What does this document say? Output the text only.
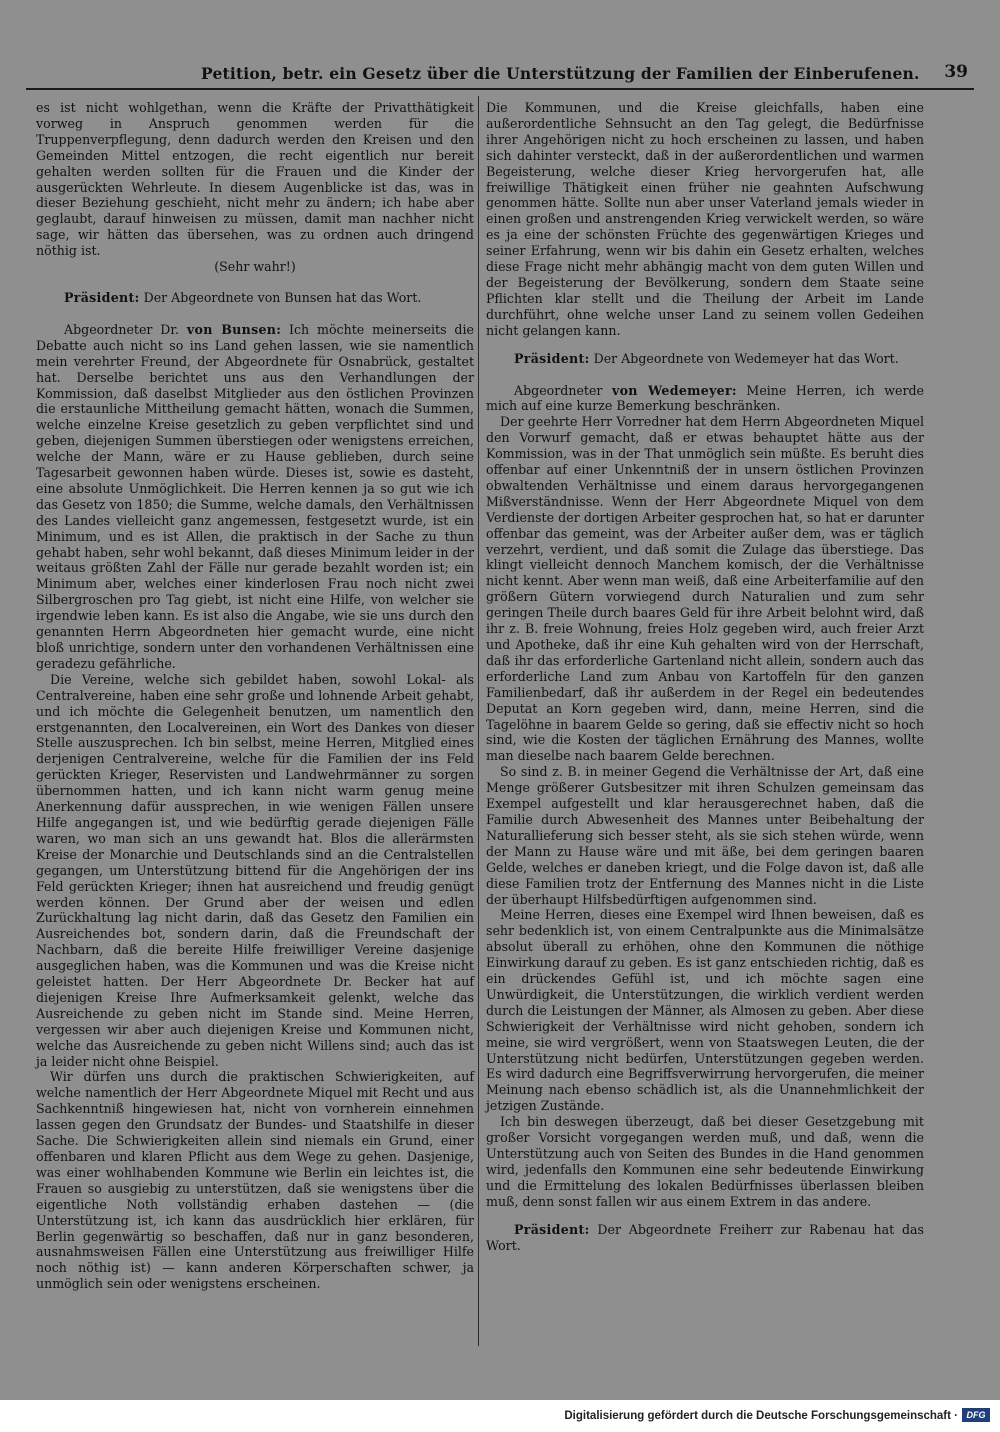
Petition, betr. ein Gesetz über die Unterstützung der Familien der Einberufenen. 39

es ist nicht wohlgethan, wenn die Kräfte der Privatthätigkeit vorweg in Anspruch genommen werden für die Truppenverpflegung, denn dadurch werden den Kreisen und den Gemeinden Mittel entzogen, die recht eigentlich nur bereit gehalten werden sollten für die Frauen und die Kinder der ausgerückten Wehrleute. In diesem Augenblicke ist das, was in dieser Beziehung geschieht, nicht mehr zu ändern; ich habe aber geglaubt, darauf hinweisen zu müssen, damit man nachher nicht sage, wir hätten das übersehen, was zu ordnen auch dringend nöthig ist.

(Sehr wahr!)

Präsident: Der Abgeordnete von Bunsen hat das Wort.

Abgeordneter Dr. von Bunsen: Ich möchte meinerseits die Debatte auch nicht so ins Land gehen lassen, wie sie namentlich mein verehrter Freund, der Abgeordnete für Osnabrück, gestaltet hat. Derselbe berichtet uns aus den Verhandlungen der Kommission, daß daselbst Mitglieder aus den östlichen Provinzen die erstaunliche Mittheilung gemacht hätten, wonach die Summen, welche einzelne Kreise gesetzlich zu geben verpflichtet sind und geben, diejenigen Summen überstiegen oder wenigstens erreichen, welche der Mann, wäre er zu Hause geblieben, durch seine Tagesarbeit gewonnen haben würde. Dieses ist, sowie es dasteht, eine absolute Unmöglichkeit. Die Herren kennen ja so gut wie ich das Gesetz von 1850; die Summe, welche damals, den Verhältnissen des Landes vielleicht ganz angemessen, festgesetzt wurde, ist ein Minimum, und es ist Allen, die praktisch in der Sache zu thun gehabt haben, sehr wohl bekannt, daß dieses Minimum leider in der weitaus größten Zahl der Fälle nur gerade bezahlt worden ist; ein Minimum aber, welches einer kinderlosen Frau noch nicht zwei Silbergroschen pro Tag giebt, ist nicht eine Hilfe, von welcher sie irgendwie leben kann. Es ist also die Angabe, wie sie uns durch den genannten Herrn Abgeordneten hier gemacht wurde, eine nicht bloß unrichtige, sondern unter den vorhandenen Verhältnissen eine geradezu gefährliche.

Die Vereine, welche sich gebildet haben, sowohl Lokal- als Centralvereine, haben eine sehr große und lohnende Arbeit gehabt, und ich möchte die Gelegenheit benutzen, um namentlich den erstgenannten, den Localvereinen, ein Wort des Dankes von dieser Stelle auszusprechen. Ich bin selbst, meine Herren, Mitglied eines derjenigen Centralvereine, welche für die Familien der ins Feld gerückten Krieger, Reservisten und Landwehrmänner zu sorgen übernommen hatten, und ich kann nicht warm genug meine Anerkennung dafür aussprechen, in wie wenigen Fällen unsere Hilfe angegangen ist, und wie bedürftig gerade diejenigen Fälle waren, wo man sich an uns gewandt hat. Blos die allerärmsten Kreise der Monarchie und Deutschlands sind an die Centralstellen gegangen, um Unterstützung bittend für die Angehörigen der ins Feld gerückten Krieger; ihnen hat ausreichend und freudig genügt werden können. Der Grund aber der weisen und edlen Zurückhaltung lag nicht darin, daß das Gesetz den Familien ein Ausreichendes bot, sondern darin, daß die Freundschaft der Nachbarn, daß die bereite Hilfe freiwilliger Vereine dasjenige ausgeglichen haben, was die Kommunen und was die Kreise nicht geleistet hatten. Der Herr Abgeordnete Dr. Becker hat auf diejenigen Kreise Ihre Aufmerksamkeit gelenkt, welche das Ausreichende zu geben nicht im Stande sind. Meine Herren, vergessen wir aber auch diejenigen Kreise und Kommunen nicht, welche das Ausreichende zu geben nicht Willens sind; auch das ist ja leider nicht ohne Beispiel.

Wir dürfen uns durch die praktischen Schwierigkeiten, auf welche namentlich der Herr Abgeordnete Miquel mit Recht und aus Sachkenntniß hingewiesen hat, nicht von vornherein einnehmen lassen gegen den Grundsatz der Bundes- und Staatshilfe in dieser Sache. Die Schwierigkeiten allein sind niemals ein Grund, einer offenbaren und klaren Pflicht aus dem Wege zu gehen. Dasjenige, was einer wohlhabenden Kommune wie Berlin ein leichtes ist, die Frauen so ausgiebig zu unterstützen, daß sie wenigstens über die eigentliche Noth vollständig erhaben dastehen — (die Unterstützung ist, ich kann das ausdrücklich hier erklären, für Berlin gegenwärtig so beschaffen, daß nur in ganz besonderen, ausnahmsweisen Fällen eine Unterstützung aus freiwilliger Hilfe noch nöthig ist) — kann anderen Körperschaften schwer, ja unmöglich sein oder wenigstens erscheinen.

Die Kommunen, und die Kreise gleichfalls, haben eine außerordentliche Sehnsucht an den Tag gelegt, die Bedürfnisse ihrer Angehörigen nicht zu hoch erscheinen zu lassen, und haben sich dahinter versteckt, daß in der außerordentlichen und warmen Begeisterung, welche dieser Krieg hervorgerufen hat, alle freiwillige Thätigkeit einen früher nie geahnten Aufschwung genommen hätte. Sollte nun aber unser Vaterland jemals wieder in einen großen und anstrengenden Krieg verwickelt werden, so wäre es ja eine der schönsten Früchte des gegenwärtigen Krieges und seiner Erfahrung, wenn wir bis dahin ein Gesetz erhalten, welches diese Frage nicht mehr abhängig macht von dem guten Willen und der Begeisterung der Bevölkerung, sondern dem Staate seine Pflichten klar stellt und die Theilung der Arbeit im Lande durchführt, ohne welche unser Land zu seinem vollen Gedeihen nicht gelangen kann.

Präsident: Der Abgeordnete von Wedemeyer hat das Wort.

Abgeordneter von Wedemeyer: Meine Herren, ich werde mich auf eine kurze Bemerkung beschränken.

Der geehrte Herr Vorredner hat dem Herrn Abgeordneten Miquel den Vorwurf gemacht, daß er etwas behauptet hätte aus der Kommission, was in der That unmöglich sein müßte. Es beruht dies offenbar auf einer Unkenntniß der in unsern östlichen Provinzen obwaltenden Verhältnisse und einem daraus hervorgegangenen Mißverständnisse. Wenn der Herr Abgeordnete Miquel von dem Verdienste der dortigen Arbeiter gesprochen hat, so hat er darunter offenbar das gemeint, was der Arbeiter außer dem, was er täglich verzehrt, verdient, und daß somit die Zulage das überstiege. Das klingt vielleicht dennoch Manchem komisch, der die Verhältnisse nicht kennt. Aber wenn man weiß, daß eine Arbeiterfamilie auf den größern Gütern vorwiegend durch Naturalien und zum sehr geringen Theile durch baares Geld für ihre Arbeit belohnt wird, daß ihr z. B. freie Wohnung, freies Holz gegeben wird, auch freier Arzt und Apotheke, daß ihr eine Kuh gehalten wird von der Herrschaft, daß ihr das erforderliche Gartenland nicht allein, sondern auch das erforderliche Land zum Anbau von Kartoffeln für den ganzen Familienbedarf, daß ihr außerdem in der Regel ein bedeutendes Deputat an Korn gegeben wird, dann, meine Herren, sind die Tagelöhne in baarem Gelde so gering, daß sie effectiv nicht so hoch sind, wie die Kosten der täglichen Ernährung des Mannes, wollte man dieselbe nach baarem Gelde berechnen.

So sind z. B. in meiner Gegend die Verhältnisse der Art, daß eine Menge größerer Gutsbesitzer mit ihren Schulzen gemeinsam das Exempel aufgestellt und klar herausgerechnet haben, daß die Familie durch Abwesenheit des Mannes unter Beibehaltung der Naturallieferung sich besser steht, als sie sich stehen würde, wenn der Mann zu Hause wäre und mit äße, bei dem geringen baaren Gelde, welches er daneben kriegt, und die Folge davon ist, daß alle diese Familien trotz der Entfernung des Mannes nicht in die Liste der überhaupt Hilfsbedürftigen aufgenommen sind.

Meine Herren, dieses eine Exempel wird Ihnen beweisen, daß es sehr bedenklich ist, von einem Centralpunkte aus die Minimalsätze absolut überall zu erhöhen, ohne den Kommunen die nöthige Einwirkung darauf zu geben. Es ist ganz entschieden richtig, daß es ein drückendes Gefühl ist, und ich möchte sagen eine Unwürdigkeit, die Unterstützungen, die wirklich verdient werden durch die Leistungen der Männer, als Almosen zu geben. Aber diese Schwierigkeit der Verhältnisse wird nicht gehoben, sondern ich meine, sie wird vergrößert, wenn von Staatswegen Leuten, die der Unterstützung nicht bedürfen, Unterstützungen gegeben werden. Es wird dadurch eine Begriffsverwirrung hervorgerufen, die meiner Meinung nach ebenso schädlich ist, als die Unannehmlichkeit der jetzigen Zustände.

Ich bin deswegen überzeugt, daß bei dieser Gesetzgebung mit großer Vorsicht vorgegangen werden muß, und daß, wenn die Unterstützung auch von Seiten des Bundes in die Hand genommen wird, jedenfalls den Kommunen eine sehr bedeutende Einwirkung und die Ermittelung des lokalen Bedürfnisses überlassen bleiben muß, denn sonst fallen wir aus einem Extrem in das andere.

Präsident: Der Abgeordnete Freiherr zur Rabenau hat das Wort.

Digitalisierung gefördert durch die Deutsche Forschungsgemeinschaft · DFG
